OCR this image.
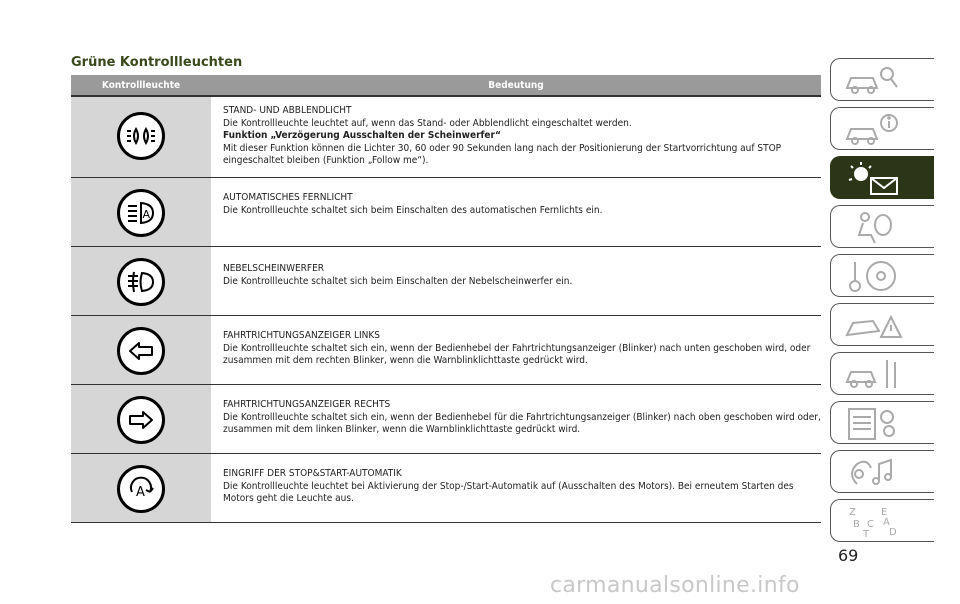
Grüne Kontrollleuchten
Kontrollleuchte	Bedeutung
STAND- UND ABBLENDLICHT
Die Kontrollleuchte leuchtet auf, wenn das Stand- oder Abblendlicht eingeschaltet werden.
Funktion „Verzögerung Ausschalten der Scheinwerfer“
Mit dieser Funktion können die Lichter 30, 60 oder 90 Sekunden lang nach der Positionierung der Startvorrichtung auf STOP eingeschaltet bleiben (Funktion „Follow me“).
A
AUTOMATISCHES FERNLICHT
Die Kontrollleuchte schaltet sich beim Einschalten des automatischen Fernlichts ein.
NEBELSCHEINWERFER
Die Kontrollleuchte schaltet sich beim Einschalten der Nebelscheinwerfer ein.
FAHRTRICHTUNGSANZEIGER LINKS
Die Kontrollleuchte schaltet sich ein, wenn der Bedienhebel der Fahrtrichtungsanzeiger (Blinker) nach unten geschoben wird, oder zusammen mit dem rechten Blinker, wenn die Warnblinklichttaste gedrückt wird.
FAHRTRICHTUNGSANZEIGER RECHTS
Die Kontrollleuchte schaltet sich ein, wenn der Bedienhebel für die Fahrtrichtungsanzeiger (Blinker) nach oben geschoben wird oder, zusammen mit dem linken Blinker, wenn die Warnblinklichttaste gedrückt wird.
A
EINGRIFF DER STOP&START-AUTOMATIK
Die Kontrollleuchte leuchtet bei Aktivierung der Stop-/Start-Automatik auf (Ausschalten des Motors). Bei erneutem Starten des Motors geht die Leuchte aus.
Z	E
B C A
T D
69
carmanualsonline.info
